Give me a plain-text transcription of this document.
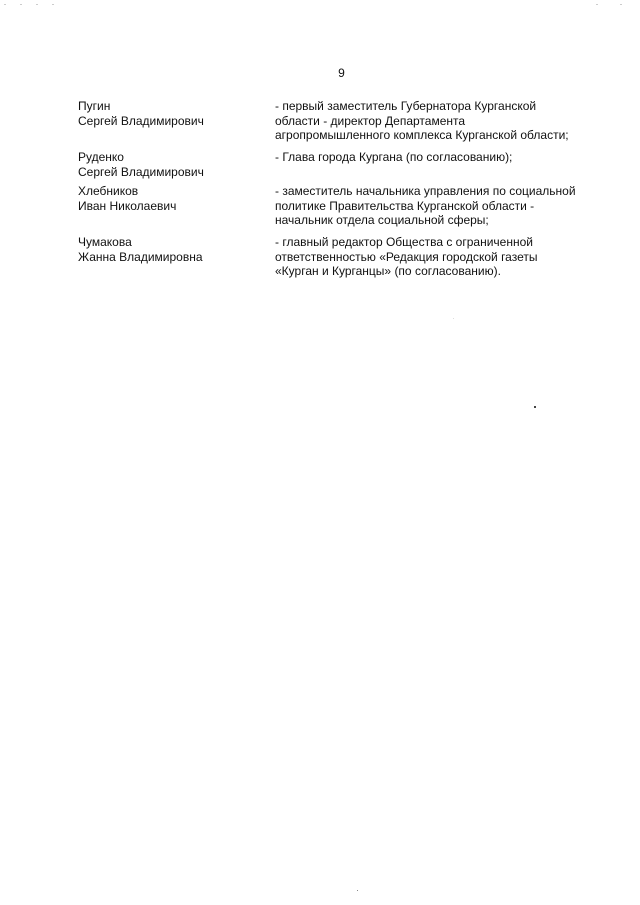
9
Пугин
Сергей Владимирович
- первый заместитель Губернатора Курганской
области - директор Департамента
агропромышленного комплекса Курганской области;
Руденко
Сергей Владимирович
- Глава города Кургана (по согласованию);
Хлебников
Иван Николаевич
- заместитель начальника управления по социальной
политике Правительства Курганской области -
начальник отдела социальной сферы;
Чумакова
Жанна Владимировна
- главный редактор Общества с ограниченной
ответственностью «Редакция городской газеты
«Курган и Курганцы» (по согласованию).
